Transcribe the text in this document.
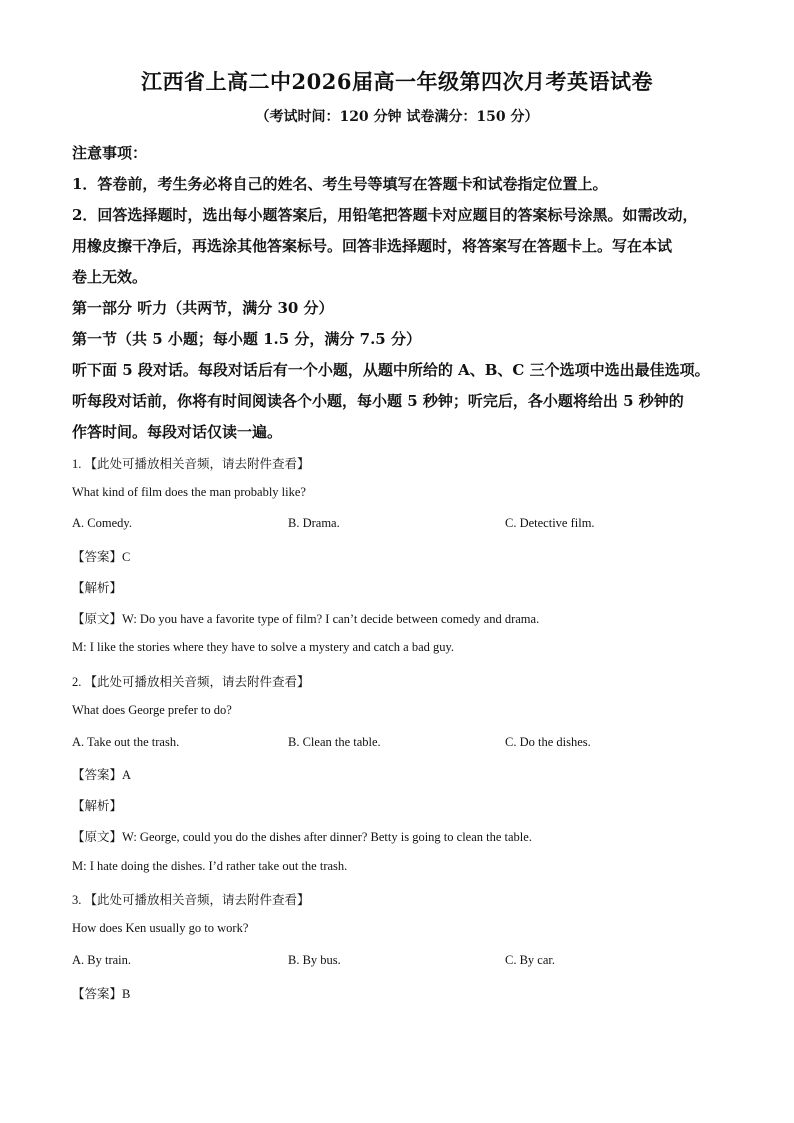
江西省上高二中2026届高一年级第四次月考英语试卷
（考试时间：120 分钟 试卷满分：150 分）
注意事项：
1．答卷前，考生务必将自己的姓名、考生号等填写在答题卡和试卷指定位置上。
2．回答选择题时，选出每小题答案后，用铅笔把答题卡对应题目的答案标号涂黑。如需改动，
用橡皮擦干净后，再选涂其他答案标号。回答非选择题时，将答案写在答题卡上。写在本试
卷上无效。
第一部分 听力（共两节，满分 30 分）
第一节（共 5 小题；每小题 1.5 分，满分 7.5 分）
听下面 5 段对话。每段对话后有一个小题，从题中所给的 A、B、C 三个选项中选出最佳选项。
听每段对话前，你将有时间阅读各个小题，每小题 5 秒钟；听完后，各小题将给出 5 秒钟的
作答时间。每段对话仅读一遍。
1. 【此处可播放相关音频，请去附件查看】
What kind of film does the man probably like?
A. Comedy.	B. Drama.	C. Detective film.
【答案】C
【解析】
【原文】W: Do you have a favorite type of film? I can’t decide between comedy and drama.
M: I like the stories where they have to solve a mystery and catch a bad guy.
2. 【此处可播放相关音频，请去附件查看】
What does George prefer to do?
A. Take out the trash.	B. Clean the table.	C. Do the dishes.
【答案】A
【解析】
【原文】W: George, could you do the dishes after dinner? Betty is going to clean the table.
M: I hate doing the dishes. I’d rather take out the trash.
3. 【此处可播放相关音频，请去附件查看】
How does Ken usually go to work?
A. By train.	B. By bus.	C. By car.
【答案】B
